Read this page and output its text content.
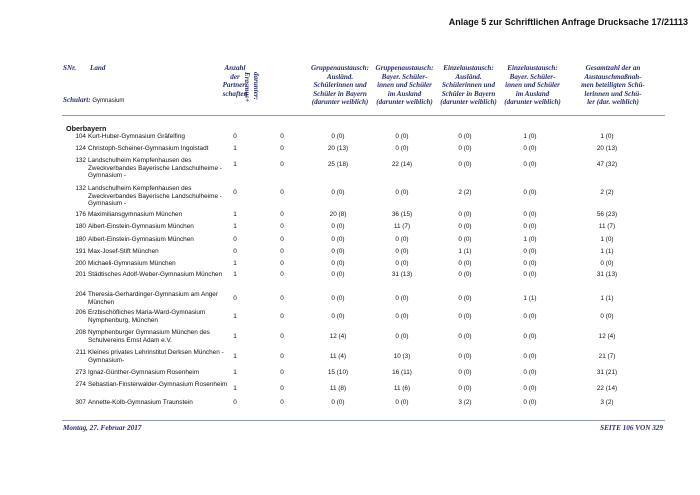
Anlage 5 zur Schriftlichen Anfrage Drucksache 17/21113
SNr. Land
Schulart: Gymnasium
Anzahl
der
Partner-
schaften darunter:
Erasmus+
Gruppenaustausch:
Ausländ.
Schülerinnen und
Schüler in Bayern
(darunter weiblich)
Gruppenaustausch:
Bayer. Schüler-
innen und Schüler
im Ausland
(darunter weiblich)
Einzelaustausch:
Ausländ.
Schülerinnen und
Schüler in Bayern
(darunter weiblich)
Einzelaustausch:
Bayer. Schüler-
innen und Schüler
im Ausland
(darunter weiblich)
Gesamtzahl der an
Austauschmaßnah-
men beteiligten Schü-
lerinnen und Schü-
ler (dar. weiblich)
Oberbayern
104 Kurt-Huber-Gymnasium Gräfelfing	0	0	0 (0)	0 (0)	0 (0)	1 (0)	1 (0)
124 Christoph-Scheiner-Gymnasium Ingolstadt	1	0	20 (13)	0 (0)	0 (0)	0 (0)	20 (13)
132 Landschulheim Kempfenhausen des Zweckverbandes Bayerische Landschulheime - Gymnasium -
1	0	25 (18)	22 (14)	0 (0)	0 (0)	47 (32)
132 Landschulheim Kempfenhausen des Zweckverbandes Bayerische Landschulheime - Gymnasium -
0	0	0 (0)	0 (0)	2 (2)	0 (0)	2 (2)
176 Maximiliansgymnasium München	1	0	20 (8)	36 (15)	0 (0)	0 (0)	56 (23)
180 Albert-Einstein-Gymnasium München	1	0	0 (0)	11 (7)	0 (0)	0 (0)	11 (7)
180 Albert-Einstein-Gymnasium München	0	0	0 (0)	0 (0)	0 (0)	1 (0)	1 (0)
191 Max-Josef-Stift München	0	0	0 (0)	0 (0)	1 (1)	0 (0)	1 (1)
200 Michaeli-Gymnasium München	1	0	0 (0)	0 (0)	0 (0)	0 (0)	0 (0)
201 Städtisches Adolf-Weber-Gymnasium München	1	0	0 (0)	31 (13)	0 (0)	0 (0)	31 (13)
204 Theresia-Gerhardinger-Gymnasium am Anger München
0	0	0 (0)	0 (0)	0 (0)	1 (1)	1 (1)
206 Erzbischöfliches Maria-Ward-Gymnasium Nymphenburg, München
1	0	0 (0)	0 (0)	0 (0)	0 (0)	0 (0)
208 Nymphenburger Gymnasium München des Schulvereins Ernst Adam e.V.
1	0	12 (4)	0 (0)	0 (0)	0 (0)	12 (4)
211 Kleines privates Lehrinstitut Derksen München -Gymnasium-
1	0	11 (4)	10 (3)	0 (0)	0 (0)	21 (7)
273 Ignaz-Günther-Gymnasium Rosenheim	1	0	15 (10)	16 (11)	0 (0)	0 (0)	31 (21)
274 Sebastian-Finsterwalder-Gymnasium Rosenheim
1	0	11 (8)	11 (6)	0 (0)	0 (0)	22 (14)
307 Annette-Kolb-Gymnasium Traunstein	0	0	0 (0)	0 (0)	3 (2)	0 (0)	3 (2)
Montag, 27. Februar 2017	SEITE 106 VON 329
